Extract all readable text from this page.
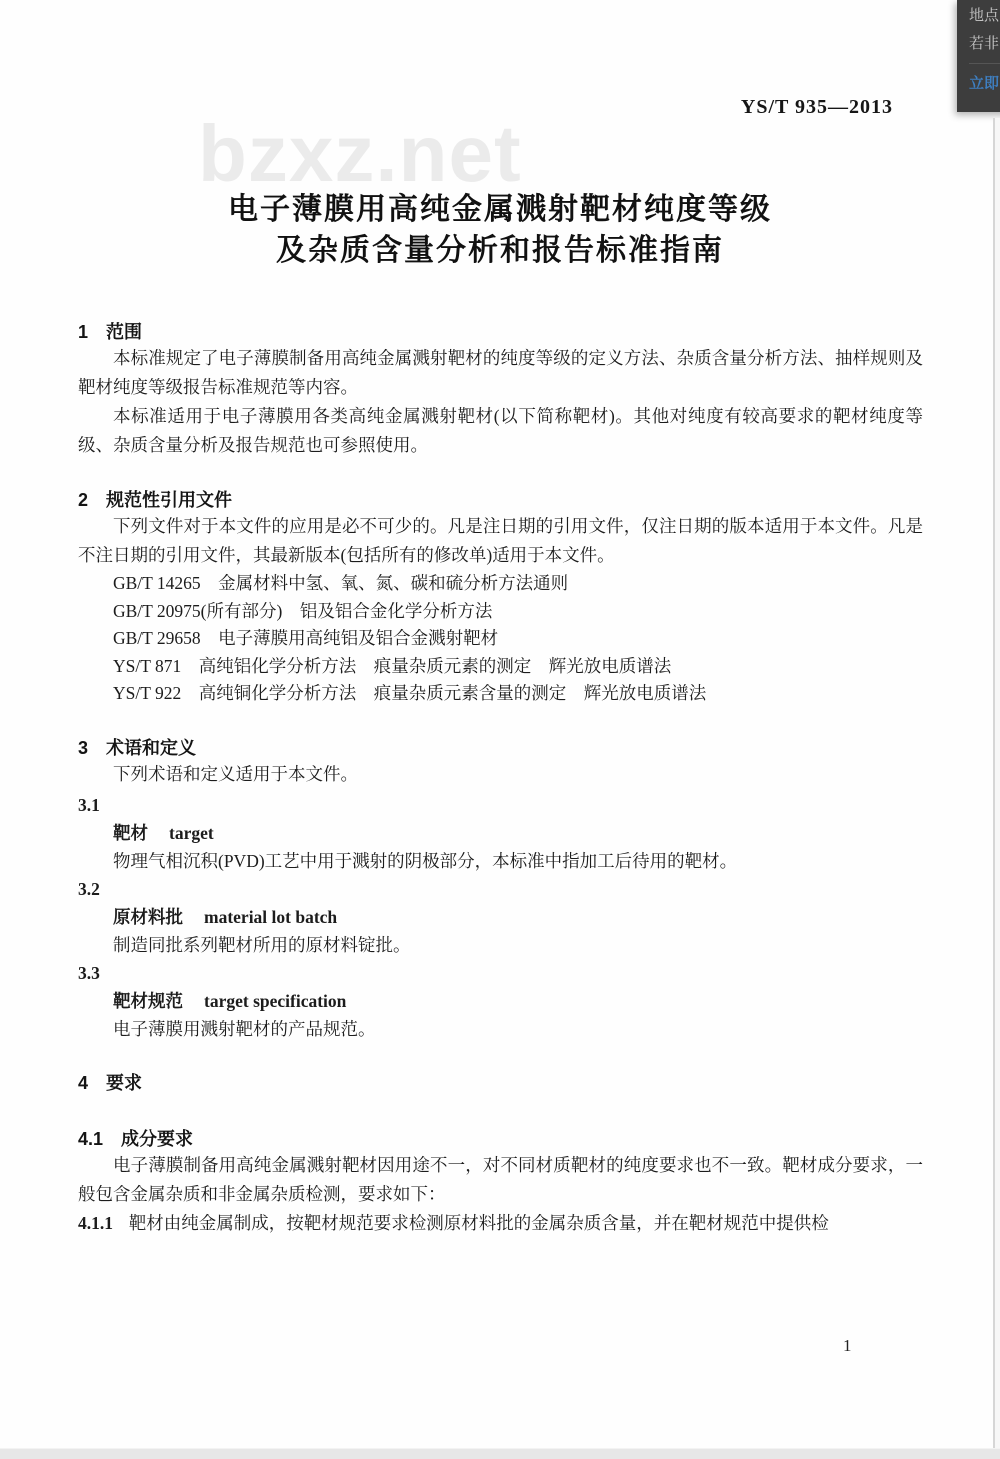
bzxz.net
地点
若非
立即
YS/T 935—2013
电子薄膜用高纯金属溅射靶材纯度等级
及杂质含量分析和报告标准指南
1　范围

本标准规定了电子薄膜制备用高纯金属溅射靶材的纯度等级的定义方法、杂质含量分析方法、抽样规则及靶材纯度等级报告标准规范等内容。

本标准适用于电子薄膜用各类高纯金属溅射靶材(以下简称靶材)。其他对纯度有较高要求的靶材纯度等级、杂质含量分析及报告规范也可参照使用。

2　规范性引用文件

下列文件对于本文件的应用是必不可少的。凡是注日期的引用文件，仅注日期的版本适用于本文件。凡是不注日期的引用文件，其最新版本(包括所有的修改单)适用于本文件。

GB/T 14265　金属材料中氢、氧、氮、碳和硫分析方法通则
GB/T 20975(所有部分)　铝及铝合金化学分析方法
GB/T 29658　电子薄膜用高纯铝及铝合金溅射靶材
YS/T 871　高纯铝化学分析方法　痕量杂质元素的测定　辉光放电质谱法
YS/T 922　高纯铜化学分析方法　痕量杂质元素含量的测定　辉光放电质谱法
3　术语和定义

下列术语和定义适用于本文件。

3.1
靶材 target
物理气相沉积(PVD)工艺中用于溅射的阴极部分，本标准中指加工后待用的靶材。
3.2
原材料批 material lot batch
制造同批系列靶材所用的原材料锭批。
3.3
靶材规范 target specification
电子薄膜用溅射靶材的产品规范。
4　要求
4.1　成分要求

电子薄膜制备用高纯金属溅射靶材因用途不一，对不同材质靶材的纯度要求也不一致。靶材成分要求，一般包含金属杂质和非金属杂质检测，要求如下：

4.1.1 靶材由纯金属制成，按靶材规范要求检测原材料批的金属杂质含量，并在靶材规范中提供检

1
